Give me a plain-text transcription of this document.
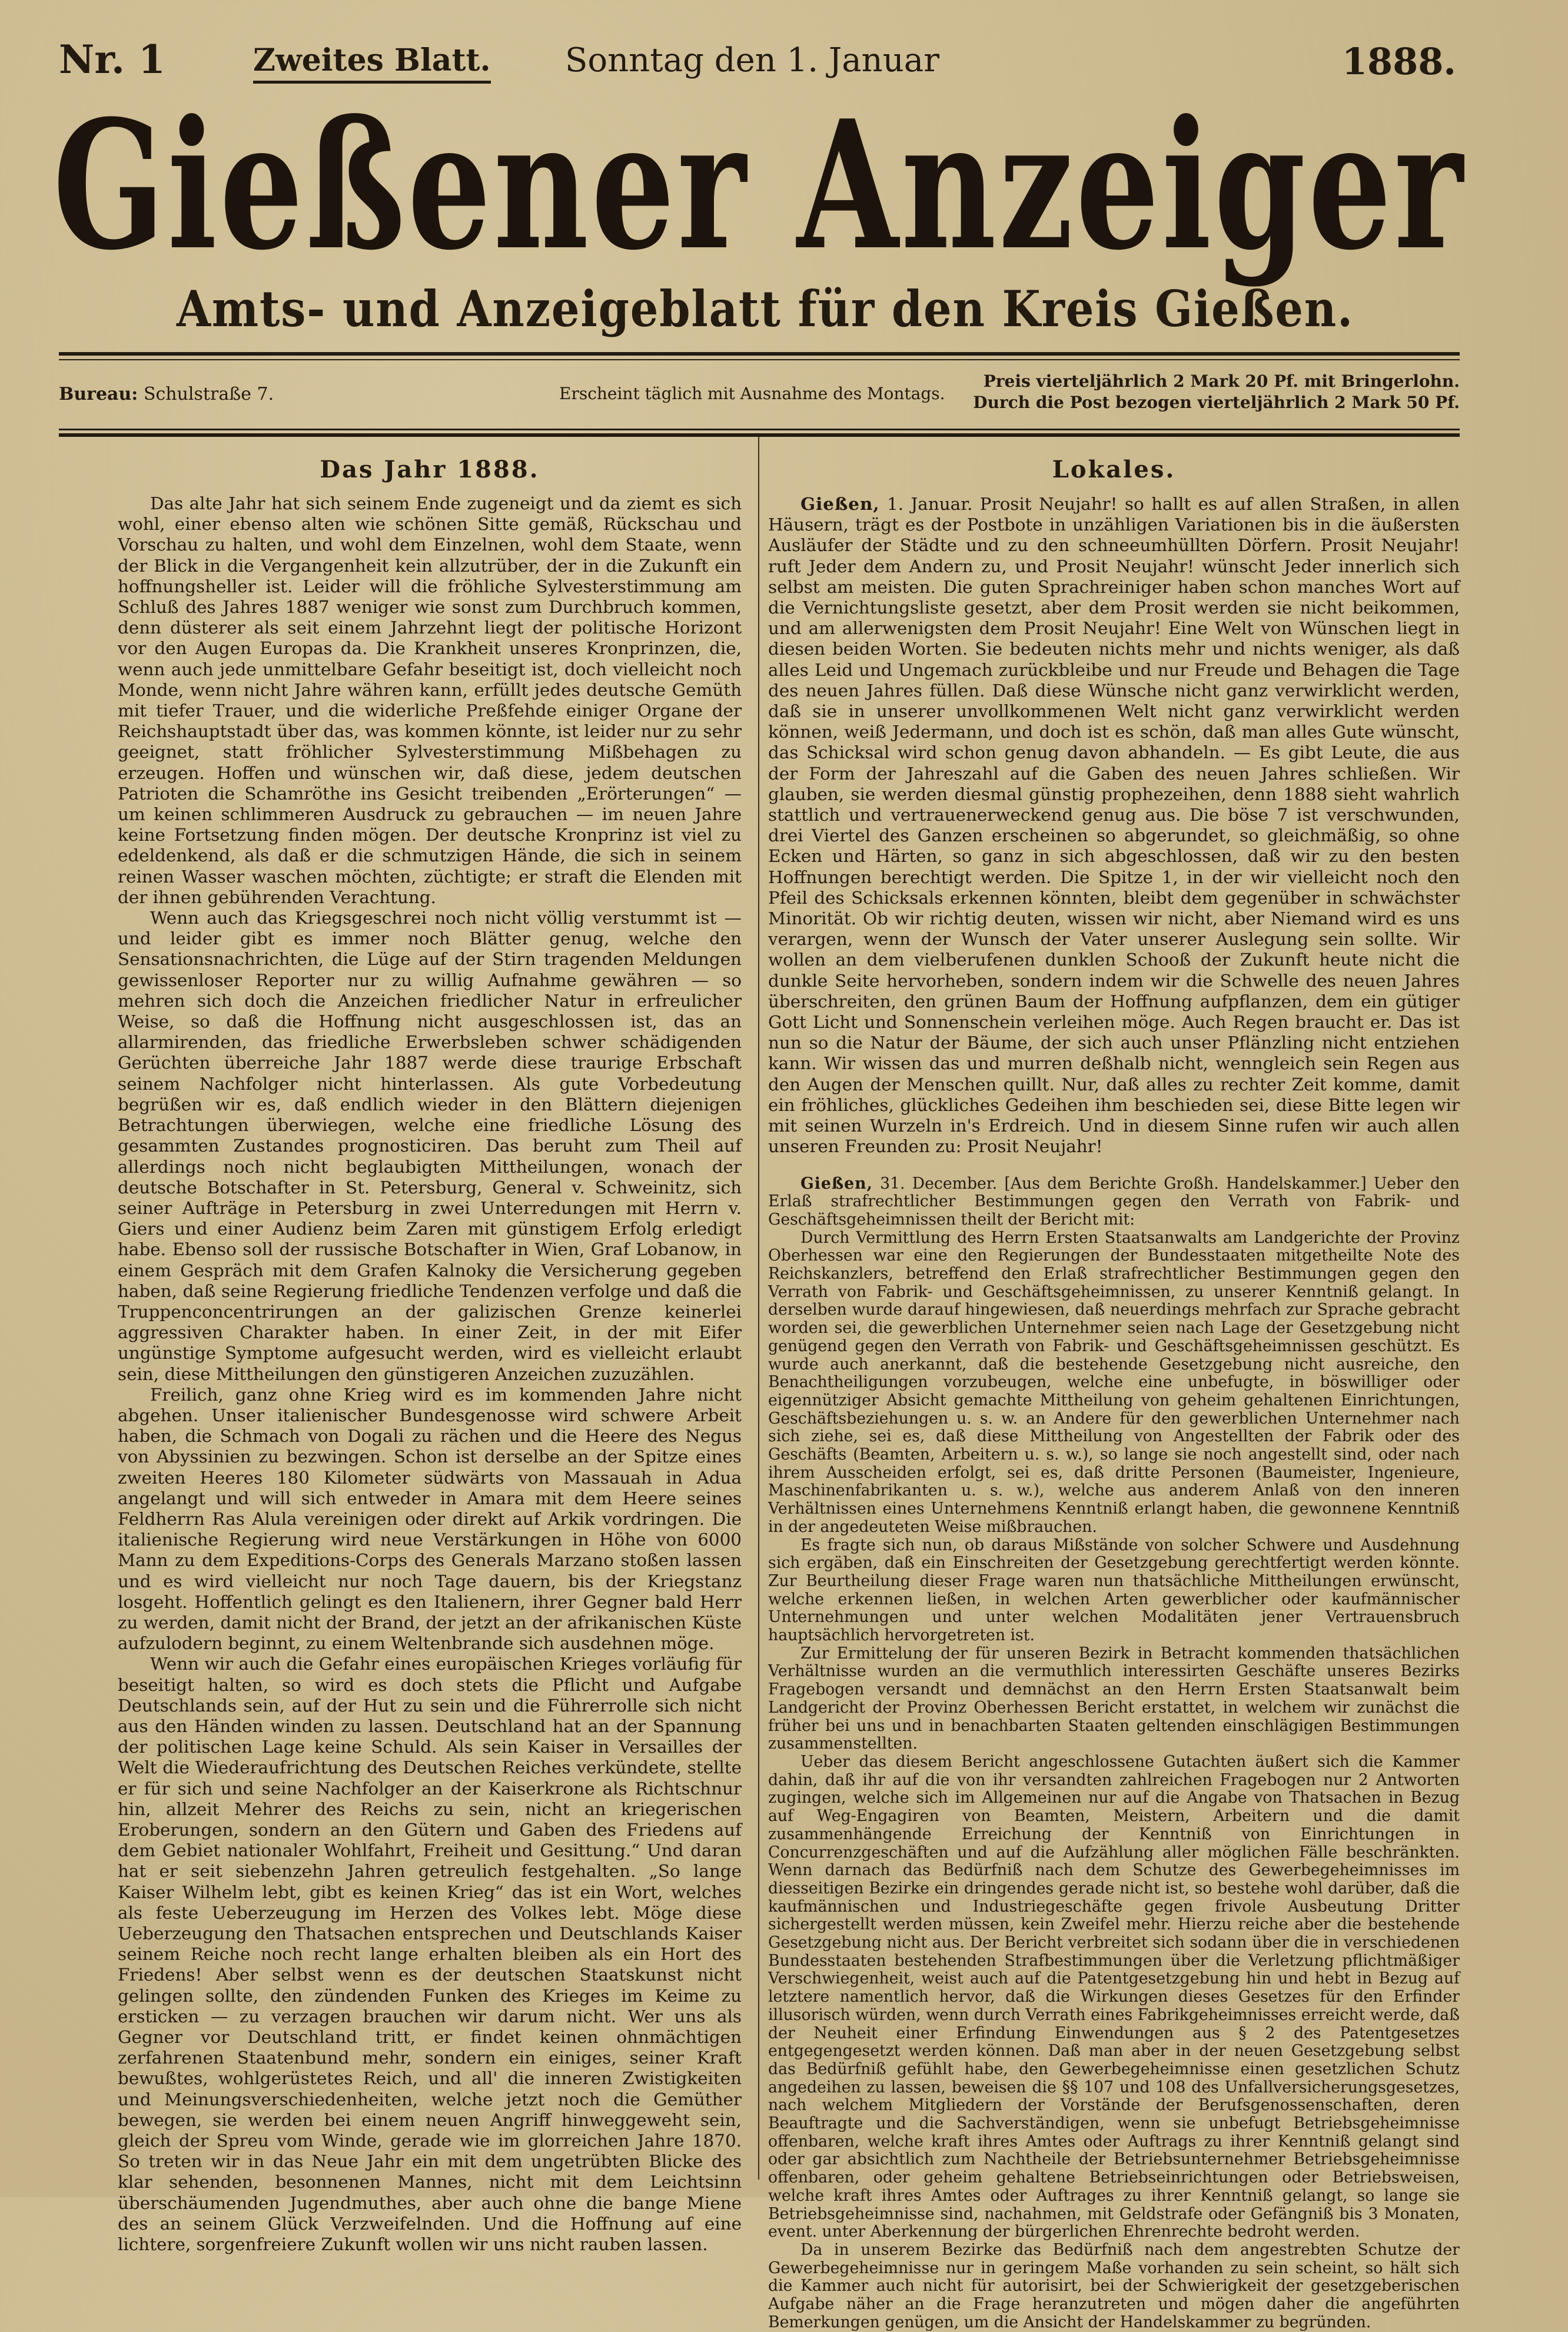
Nr. 1	Zweites Blatt. Sonntag den 1. Januar	1888.
Gießener Anzeiger
Amts- und Anzeigeblatt für den Kreis Gießen.
Bureau: Schulstraße 7.	Erscheint täglich mit Ausnahme des Montags.
Preis vierteljährlich 2 Mark 20 Pf. mit Bringerlohn.
Durch die Post bezogen vierteljährlich 2 Mark 50 Pf.
Das Jahr 1888.

Das alte Jahr hat sich seinem Ende zugeneigt und da ziemt es sich wohl, einer ebenso alten wie schönen Sitte gemäß, Rückschau und Vorschau zu halten, und wohl dem Einzelnen, wohl dem Staate, wenn der Blick in die Vergangenheit kein allzutrüber, der in die Zukunft ein hoffnungsheller ist. Leider will die fröhliche Sylvesterstimmung am Schluß des Jahres 1887 weniger wie sonst zum Durchbruch kommen, denn düsterer als seit einem Jahrzehnt liegt der politische Horizont vor den Augen Europas da. Die Krankheit unseres Kronprinzen, die, wenn auch jede unmittelbare Gefahr beseitigt ist, doch vielleicht noch Monde, wenn nicht Jahre währen kann, erfüllt jedes deutsche Gemüth mit tiefer Trauer, und die widerliche Preßfehde einiger Organe der Reichshauptstadt über das, was kommen könnte, ist leider nur zu sehr geeignet, statt fröhlicher Sylvesterstimmung Mißbehagen zu erzeugen. Hoffen und wünschen wir, daß diese, jedem deutschen Patrioten die Schamröthe ins Gesicht treibenden „Erörterungen“ — um keinen schlimmeren Ausdruck zu gebrauchen — im neuen Jahre keine Fortsetzung finden mögen. Der deutsche Kronprinz ist viel zu edeldenkend, als daß er die schmutzigen Hände, die sich in seinem reinen Wasser waschen möchten, züchtigte; er straft die Elenden mit der ihnen gebührenden Verachtung.

Wenn auch das Kriegsgeschrei noch nicht völlig verstummt ist — und leider gibt es immer noch Blätter genug, welche den Sensationsnachrichten, die Lüge auf der Stirn tragenden Meldungen gewissenloser Reporter nur zu willig Aufnahme gewähren — so mehren sich doch die Anzeichen friedlicher Natur in erfreulicher Weise, so daß die Hoffnung nicht ausgeschlossen ist, das an allarmirenden, das friedliche Erwerbsleben schwer schädigenden Gerüchten überreiche Jahr 1887 werde diese traurige Erbschaft seinem Nachfolger nicht hinterlassen. Als gute Vorbedeutung begrüßen wir es, daß endlich wieder in den Blättern diejenigen Betrachtungen überwiegen, welche eine friedliche Lösung des gesammten Zustandes prognosticiren. Das beruht zum Theil auf allerdings noch nicht beglaubigten Mittheilungen, wonach der deutsche Botschafter in St. Petersburg, General v. Schweinitz, sich seiner Aufträge in Petersburg in zwei Unterredungen mit Herrn v. Giers und einer Audienz beim Zaren mit günstigem Erfolg erledigt habe. Ebenso soll der russische Botschafter in Wien, Graf Lobanow, in einem Gespräch mit dem Grafen Kalnoky die Versicherung gegeben haben, daß seine Regierung friedliche Tendenzen verfolge und daß die Truppenconcentrirungen an der galizischen Grenze keinerlei aggressiven Charakter haben. In einer Zeit, in der mit Eifer ungünstige Symptome aufgesucht werden, wird es vielleicht erlaubt sein, diese Mittheilungen den günstigeren Anzeichen zuzuzählen.

Freilich, ganz ohne Krieg wird es im kommenden Jahre nicht abgehen. Unser italienischer Bundesgenosse wird schwere Arbeit haben, die Schmach von Dogali zu rächen und die Heere des Negus von Abyssinien zu bezwingen. Schon ist derselbe an der Spitze eines zweiten Heeres 180 Kilometer südwärts von Massauah in Adua angelangt und will sich entweder in Amara mit dem Heere seines Feldherrn Ras Alula vereinigen oder direkt auf Arkik vordringen. Die italienische Regierung wird neue Verstärkungen in Höhe von 6000 Mann zu dem Expeditions-Corps des Generals Marzano stoßen lassen und es wird vielleicht nur noch Tage dauern, bis der Kriegstanz losgeht. Hoffentlich gelingt es den Italienern, ihrer Gegner bald Herr zu werden, damit nicht der Brand, der jetzt an der afrikanischen Küste aufzulodern beginnt, zu einem Weltenbrande sich ausdehnen möge.

Wenn wir auch die Gefahr eines europäischen Krieges vorläufig für beseitigt halten, so wird es doch stets die Pflicht und Aufgabe Deutschlands sein, auf der Hut zu sein und die Führerrolle sich nicht aus den Händen winden zu lassen. Deutschland hat an der Spannung der politischen Lage keine Schuld. Als sein Kaiser in Versailles der Welt die Wiederaufrichtung des Deutschen Reiches verkündete, stellte er für sich und seine Nachfolger an der Kaiserkrone als Richtschnur hin, allzeit Mehrer des Reichs zu sein, nicht an kriegerischen Eroberungen, sondern an den Gütern und Gaben des Friedens auf dem Gebiet nationaler Wohlfahrt, Freiheit und Gesittung.“ Und daran hat er seit siebenzehn Jahren getreulich festgehalten. „So lange Kaiser Wilhelm lebt, gibt es keinen Krieg“ das ist ein Wort, welches als feste Ueberzeugung im Herzen des Volkes lebt. Möge diese Ueberzeugung den Thatsachen entsprechen und Deutschlands Kaiser seinem Reiche noch recht lange erhalten bleiben als ein Hort des Friedens! Aber selbst wenn es der deutschen Staatskunst nicht gelingen sollte, den zündenden Funken des Krieges im Keime zu ersticken — zu verzagen brauchen wir darum nicht. Wer uns als Gegner vor Deutschland tritt, er findet keinen ohnmächtigen zerfahrenen Staatenbund mehr, sondern ein einiges, seiner Kraft bewußtes, wohlgerüstetes Reich, und all' die inneren Zwistigkeiten und Meinungsverschiedenheiten, welche jetzt noch die Gemüther bewegen, sie werden bei einem neuen Angriff hinweggeweht sein, gleich der Spreu vom Winde, gerade wie im glorreichen Jahre 1870. So treten wir in das Neue Jahr ein mit dem ungetrübten Blicke des klar sehenden, besonnenen Mannes, nicht mit dem Leichtsinn überschäumenden Jugendmuthes, aber auch ohne die bange Miene des an seinem Glück Verzweifelnden. Und die Hoffnung auf eine lichtere, sorgenfreiere Zukunft wollen wir uns nicht rauben lassen.

Lokales.

Gießen, 1. Januar. Prosit Neujahr! so hallt es auf allen Straßen, in allen Häusern, trägt es der Postbote in unzähligen Variationen bis in die äußersten Ausläufer der Städte und zu den schneeumhüllten Dörfern. Prosit Neujahr! ruft Jeder dem Andern zu, und Prosit Neujahr! wünscht Jeder innerlich sich selbst am meisten. Die guten Sprachreiniger haben schon manches Wort auf die Vernichtungsliste gesetzt, aber dem Prosit werden sie nicht beikommen, und am allerwenigsten dem Prosit Neujahr! Eine Welt von Wünschen liegt in diesen beiden Worten. Sie bedeuten nichts mehr und nichts weniger, als daß alles Leid und Ungemach zurückbleibe und nur Freude und Behagen die Tage des neuen Jahres füllen. Daß diese Wünsche nicht ganz verwirklicht werden, daß sie in unserer unvollkommenen Welt nicht ganz verwirklicht werden können, weiß Jedermann, und doch ist es schön, daß man alles Gute wünscht, das Schicksal wird schon genug davon abhandeln. — Es gibt Leute, die aus der Form der Jahreszahl auf die Gaben des neuen Jahres schließen. Wir glauben, sie werden diesmal günstig prophezeihen, denn 1888 sieht wahrlich stattlich und vertrauenerweckend genug aus. Die böse 7 ist verschwunden, drei Viertel des Ganzen erscheinen so abgerundet, so gleichmäßig, so ohne Ecken und Härten, so ganz in sich abgeschlossen, daß wir zu den besten Hoffnungen berechtigt werden. Die Spitze 1, in der wir vielleicht noch den Pfeil des Schicksals erkennen könnten, bleibt dem gegenüber in schwächster Minorität. Ob wir richtig deuten, wissen wir nicht, aber Niemand wird es uns verargen, wenn der Wunsch der Vater unserer Auslegung sein sollte. Wir wollen an dem vielberufenen dunklen Schooß der Zukunft heute nicht die dunkle Seite hervorheben, sondern indem wir die Schwelle des neuen Jahres überschreiten, den grünen Baum der Hoffnung aufpflanzen, dem ein gütiger Gott Licht und Sonnenschein verleihen möge. Auch Regen braucht er. Das ist nun so die Natur der Bäume, der sich auch unser Pflänzling nicht entziehen kann. Wir wissen das und murren deßhalb nicht, wenngleich sein Regen aus den Augen der Menschen quillt. Nur, daß alles zu rechter Zeit komme, damit ein fröhliches, glückliches Gedeihen ihm beschieden sei, diese Bitte legen wir mit seinen Wurzeln in's Erdreich. Und in diesem Sinne rufen wir auch allen unseren Freunden zu: Prosit Neujahr!

Gießen, 31. December. [Aus dem Berichte Großh. Handelskammer.] Ueber den Erlaß strafrechtlicher Bestimmungen gegen den Verrath von Fabrik- und Geschäftsgeheimnissen theilt der Bericht mit:

Durch Vermittlung des Herrn Ersten Staatsanwalts am Landgerichte der Provinz Oberhessen war eine den Regierungen der Bundesstaaten mitgetheilte Note des Reichskanzlers, betreffend den Erlaß strafrechtlicher Bestimmungen gegen den Verrath von Fabrik- und Geschäftsgeheimnissen, zu unserer Kenntniß gelangt. In derselben wurde darauf hingewiesen, daß neuerdings mehrfach zur Sprache gebracht worden sei, die gewerblichen Unternehmer seien nach Lage der Gesetzgebung nicht genügend gegen den Verrath von Fabrik- und Geschäftsgeheimnissen geschützt. Es wurde auch anerkannt, daß die bestehende Gesetzgebung nicht ausreiche, den Benachtheiligungen vorzubeugen, welche eine unbefugte, in böswilliger oder eigennütziger Absicht gemachte Mittheilung von geheim gehaltenen Einrichtungen, Geschäftsbeziehungen u. s. w. an Andere für den gewerblichen Unternehmer nach sich ziehe, sei es, daß diese Mittheilung von Angestellten der Fabrik oder des Geschäfts (Beamten, Arbeitern u. s. w.), so lange sie noch angestellt sind, oder nach ihrem Ausscheiden erfolgt, sei es, daß dritte Personen (Baumeister, Ingenieure, Maschinenfabrikanten u. s. w.), welche aus anderem Anlaß von den inneren Verhältnissen eines Unternehmens Kenntniß erlangt haben, die gewonnene Kenntniß in der angedeuteten Weise mißbrauchen.

Es fragte sich nun, ob daraus Mißstände von solcher Schwere und Ausdehnung sich ergäben, daß ein Einschreiten der Gesetzgebung gerechtfertigt werden könnte. Zur Beurtheilung dieser Frage waren nun thatsächliche Mittheilungen erwünscht, welche erkennen ließen, in welchen Arten gewerblicher oder kaufmännischer Unternehmungen und unter welchen Modalitäten jener Vertrauensbruch hauptsächlich hervorgetreten ist.

Zur Ermittelung der für unseren Bezirk in Betracht kommenden thatsächlichen Verhältnisse wurden an die vermuthlich interessirten Geschäfte unseres Bezirks Fragebogen versandt und demnächst an den Herrn Ersten Staatsanwalt beim Landgericht der Provinz Oberhessen Bericht erstattet, in welchem wir zunächst die früher bei uns und in benachbarten Staaten geltenden einschlägigen Bestimmungen zusammenstellten.

Ueber das diesem Bericht angeschlossene Gutachten äußert sich die Kammer dahin, daß ihr auf die von ihr versandten zahlreichen Fragebogen nur 2 Antworten zugingen, welche sich im Allgemeinen nur auf die Angabe von Thatsachen in Bezug auf Weg-Engagiren von Beamten, Meistern, Arbeitern und die damit zusammenhängende Erreichung der Kenntniß von Einrichtungen in Concurrenzgeschäften und auf die Aufzählung aller möglichen Fälle beschränkten. Wenn darnach das Bedürfniß nach dem Schutze des Gewerbegeheimnisses im diesseitigen Bezirke ein dringendes gerade nicht ist, so bestehe wohl darüber, daß die kaufmännischen und Industriegeschäfte gegen frivole Ausbeutung Dritter sichergestellt werden müssen, kein Zweifel mehr. Hierzu reiche aber die bestehende Gesetzgebung nicht aus. Der Bericht verbreitet sich sodann über die in verschiedenen Bundesstaaten bestehenden Strafbestimmungen über die Verletzung pflichtmäßiger Verschwiegenheit, weist auch auf die Patentgesetzgebung hin und hebt in Bezug auf letztere namentlich hervor, daß die Wirkungen dieses Gesetzes für den Erfinder illusorisch würden, wenn durch Verrath eines Fabrikgeheimnisses erreicht werde, daß der Neuheit einer Erfindung Einwendungen aus § 2 des Patentgesetzes entgegengesetzt werden können. Daß man aber in der neuen Gesetzgebung selbst das Bedürfniß gefühlt habe, den Gewerbegeheimnisse einen gesetzlichen Schutz angedeihen zu lassen, beweisen die §§ 107 und 108 des Unfallversicherungsgesetzes, nach welchem Mitgliedern der Vorstände der Berufsgenossenschaften, deren Beauftragte und die Sachverständigen, wenn sie unbefugt Betriebsgeheimnisse offenbaren, welche kraft ihres Amtes oder Auftrags zu ihrer Kenntniß gelangt sind oder gar absichtlich zum Nachtheile der Betriebsunternehmer Betriebsgeheimnisse offenbaren, oder geheim gehaltene Betriebseinrichtungen oder Betriebsweisen, welche kraft ihres Amtes oder Auftrages zu ihrer Kenntniß gelangt, so lange sie Betriebsgeheimnisse sind, nachahmen, mit Geldstrafe oder Gefängniß bis 3 Monaten, event. unter Aberkennung der bürgerlichen Ehrenrechte bedroht werden.

Da in unserem Bezirke das Bedürfniß nach dem angestrebten Schutze der Gewerbegeheimnisse nur in geringem Maße vorhanden zu sein scheint, so hält sich die Kammer auch nicht für autorisirt, bei der Schwierigkeit der gesetzgeberischen Aufgabe näher an die Frage heranzutreten und mögen daher die angeführten Bemerkungen genügen, um die Ansicht der Handelskammer zu begründen.
